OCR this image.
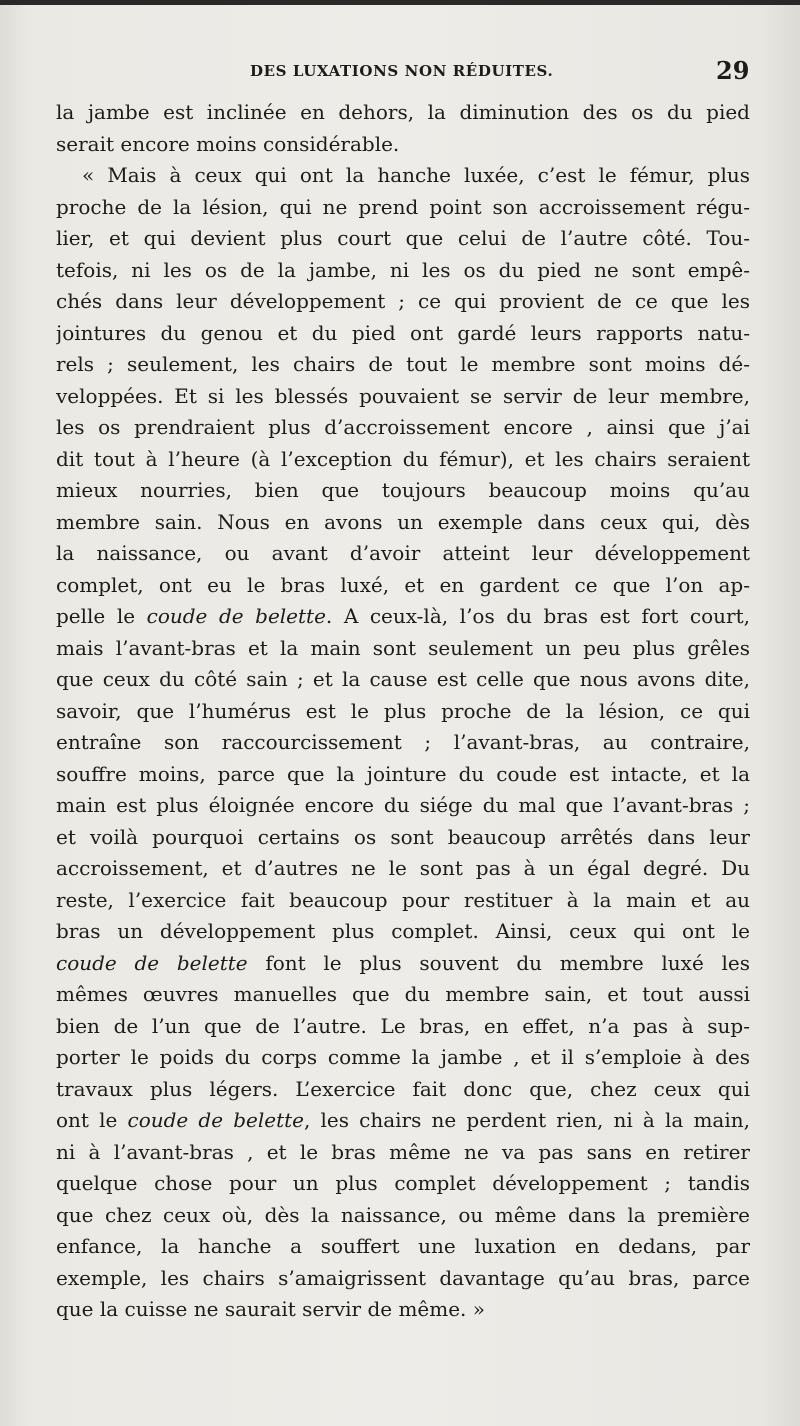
DES LUXATIONS NON RÉDUITES.	29
la jambe est inclinée en dehors, la diminution des os du pied
serait encore moins considérable.
« Mais à ceux qui ont la hanche luxée, c’est le fémur, plus
proche de la lésion, qui ne prend point son accroissement régu-
lier, et qui devient plus court que celui de l’autre côté. Tou-
tefois, ni les os de la jambe, ni les os du pied ne sont empê-
chés dans leur développement ; ce qui provient de ce que les
jointures du genou et du pied ont gardé leurs rapports natu-
rels ; seulement, les chairs de tout le membre sont moins dé-
veloppées. Et si les blessés pouvaient se servir de leur membre,
les os prendraient plus d’accroissement encore , ainsi que j’ai
dit tout à l’heure (à l’exception du fémur), et les chairs seraient
mieux nourries, bien que toujours beaucoup moins qu’au
membre sain. Nous en avons un exemple dans ceux qui, dès
la naissance, ou avant d’avoir atteint leur développement
complet, ont eu le bras luxé, et en gardent ce que l’on ap-
pelle le coude de belette. A ceux-là, l’os du bras est fort court,
mais l’avant-bras et la main sont seulement un peu plus grêles
que ceux du côté sain ; et la cause est celle que nous avons dite,
savoir, que l’humérus est le plus proche de la lésion, ce qui
entraîne son raccourcissement ; l’avant-bras, au contraire,
souffre moins, parce que la jointure du coude est intacte, et la
main est plus éloignée encore du siége du mal que l’avant-bras ;
et voilà pourquoi certains os sont beaucoup arrêtés dans leur
accroissement, et d’autres ne le sont pas à un égal degré. Du
reste, l’exercice fait beaucoup pour restituer à la main et au
bras un développement plus complet. Ainsi, ceux qui ont le
coude de belette font le plus souvent du membre luxé les
mêmes œuvres manuelles que du membre sain, et tout aussi
bien de l’un que de l’autre. Le bras, en effet, n’a pas à sup-
porter le poids du corps comme la jambe , et il s’emploie à des
travaux plus légers. L’exercice fait donc que, chez ceux qui
ont le coude de belette, les chairs ne perdent rien, ni à la main,
ni à l’avant-bras , et le bras même ne va pas sans en retirer
quelque chose pour un plus complet développement ; tandis
que chez ceux où, dès la naissance, ou même dans la première
enfance, la hanche a souffert une luxation en dedans, par
exemple, les chairs s’amaigrissent davantage qu’au bras, parce
que la cuisse ne saurait servir de même. »
